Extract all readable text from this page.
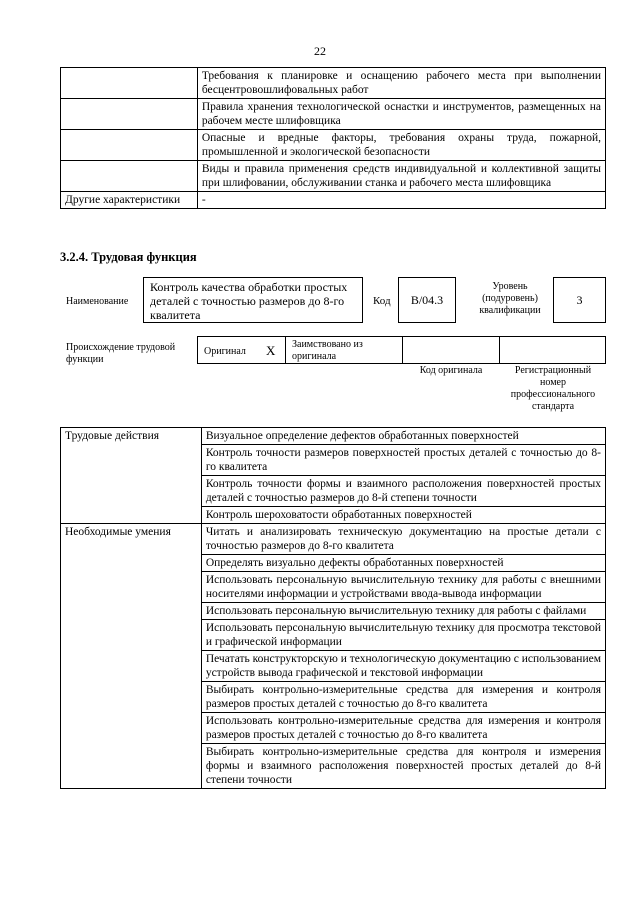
22
	Требования к планировке и оснащению рабочего места при выполнении бесцентровошлифовальных работ
	Правила хранения технологической оснастки и инструментов, размещенных на рабочем месте шлифовщика
	Опасные и вредные факторы, требования охраны труда, пожарной, промышленной и экологической безопасности
	Виды и правила применения средств индивидуальной и коллективной защиты при шлифовании, обслуживании станка и рабочего места шлифовщика
Другие характеристики	-
3.2.4. Трудовая функция
Наименование
Контроль качества обработки простых деталей с точностью размеров до 8-го квалитета
Код	B/04.3
Уровень (подуровень) квалификации
3
Происхождение трудовой функции
Оригинал X Заимствовано из оригинала
Код оригинала	Регистрационный номер профессионального стандарта
Трудовые действия	Визуальное определение дефектов обработанных поверхностей
	Контроль точности размеров поверхностей простых деталей с точностью до 8-го квалитета
	Контроль точности формы и взаимного расположения поверхностей простых деталей с точностью размеров до 8-й степени точности
	Контроль шероховатости обработанных поверхностей
Необходимые умения	Читать и анализировать техническую документацию на простые детали с точностью размеров до 8-го квалитета
	Определять визуально дефекты обработанных поверхностей
	Использовать персональную вычислительную технику для работы с внешними носителями информации и устройствами ввода-вывода информации
	Использовать персональную вычислительную технику для работы с файлами
	Использовать персональную вычислительную технику для просмотра текстовой и графической информации
	Печатать конструкторскую и технологическую документацию с использованием устройств вывода графической и текстовой информации
	Выбирать контрольно-измерительные средства для измерения и контроля размеров простых деталей с точностью до 8-го квалитета
	Использовать контрольно-измерительные средства для измерения и контроля размеров простых деталей с точностью до 8-го квалитета
	Выбирать контрольно-измерительные средства для контроля и измерения формы и взаимного расположения поверхностей простых деталей до 8-й степени точности
